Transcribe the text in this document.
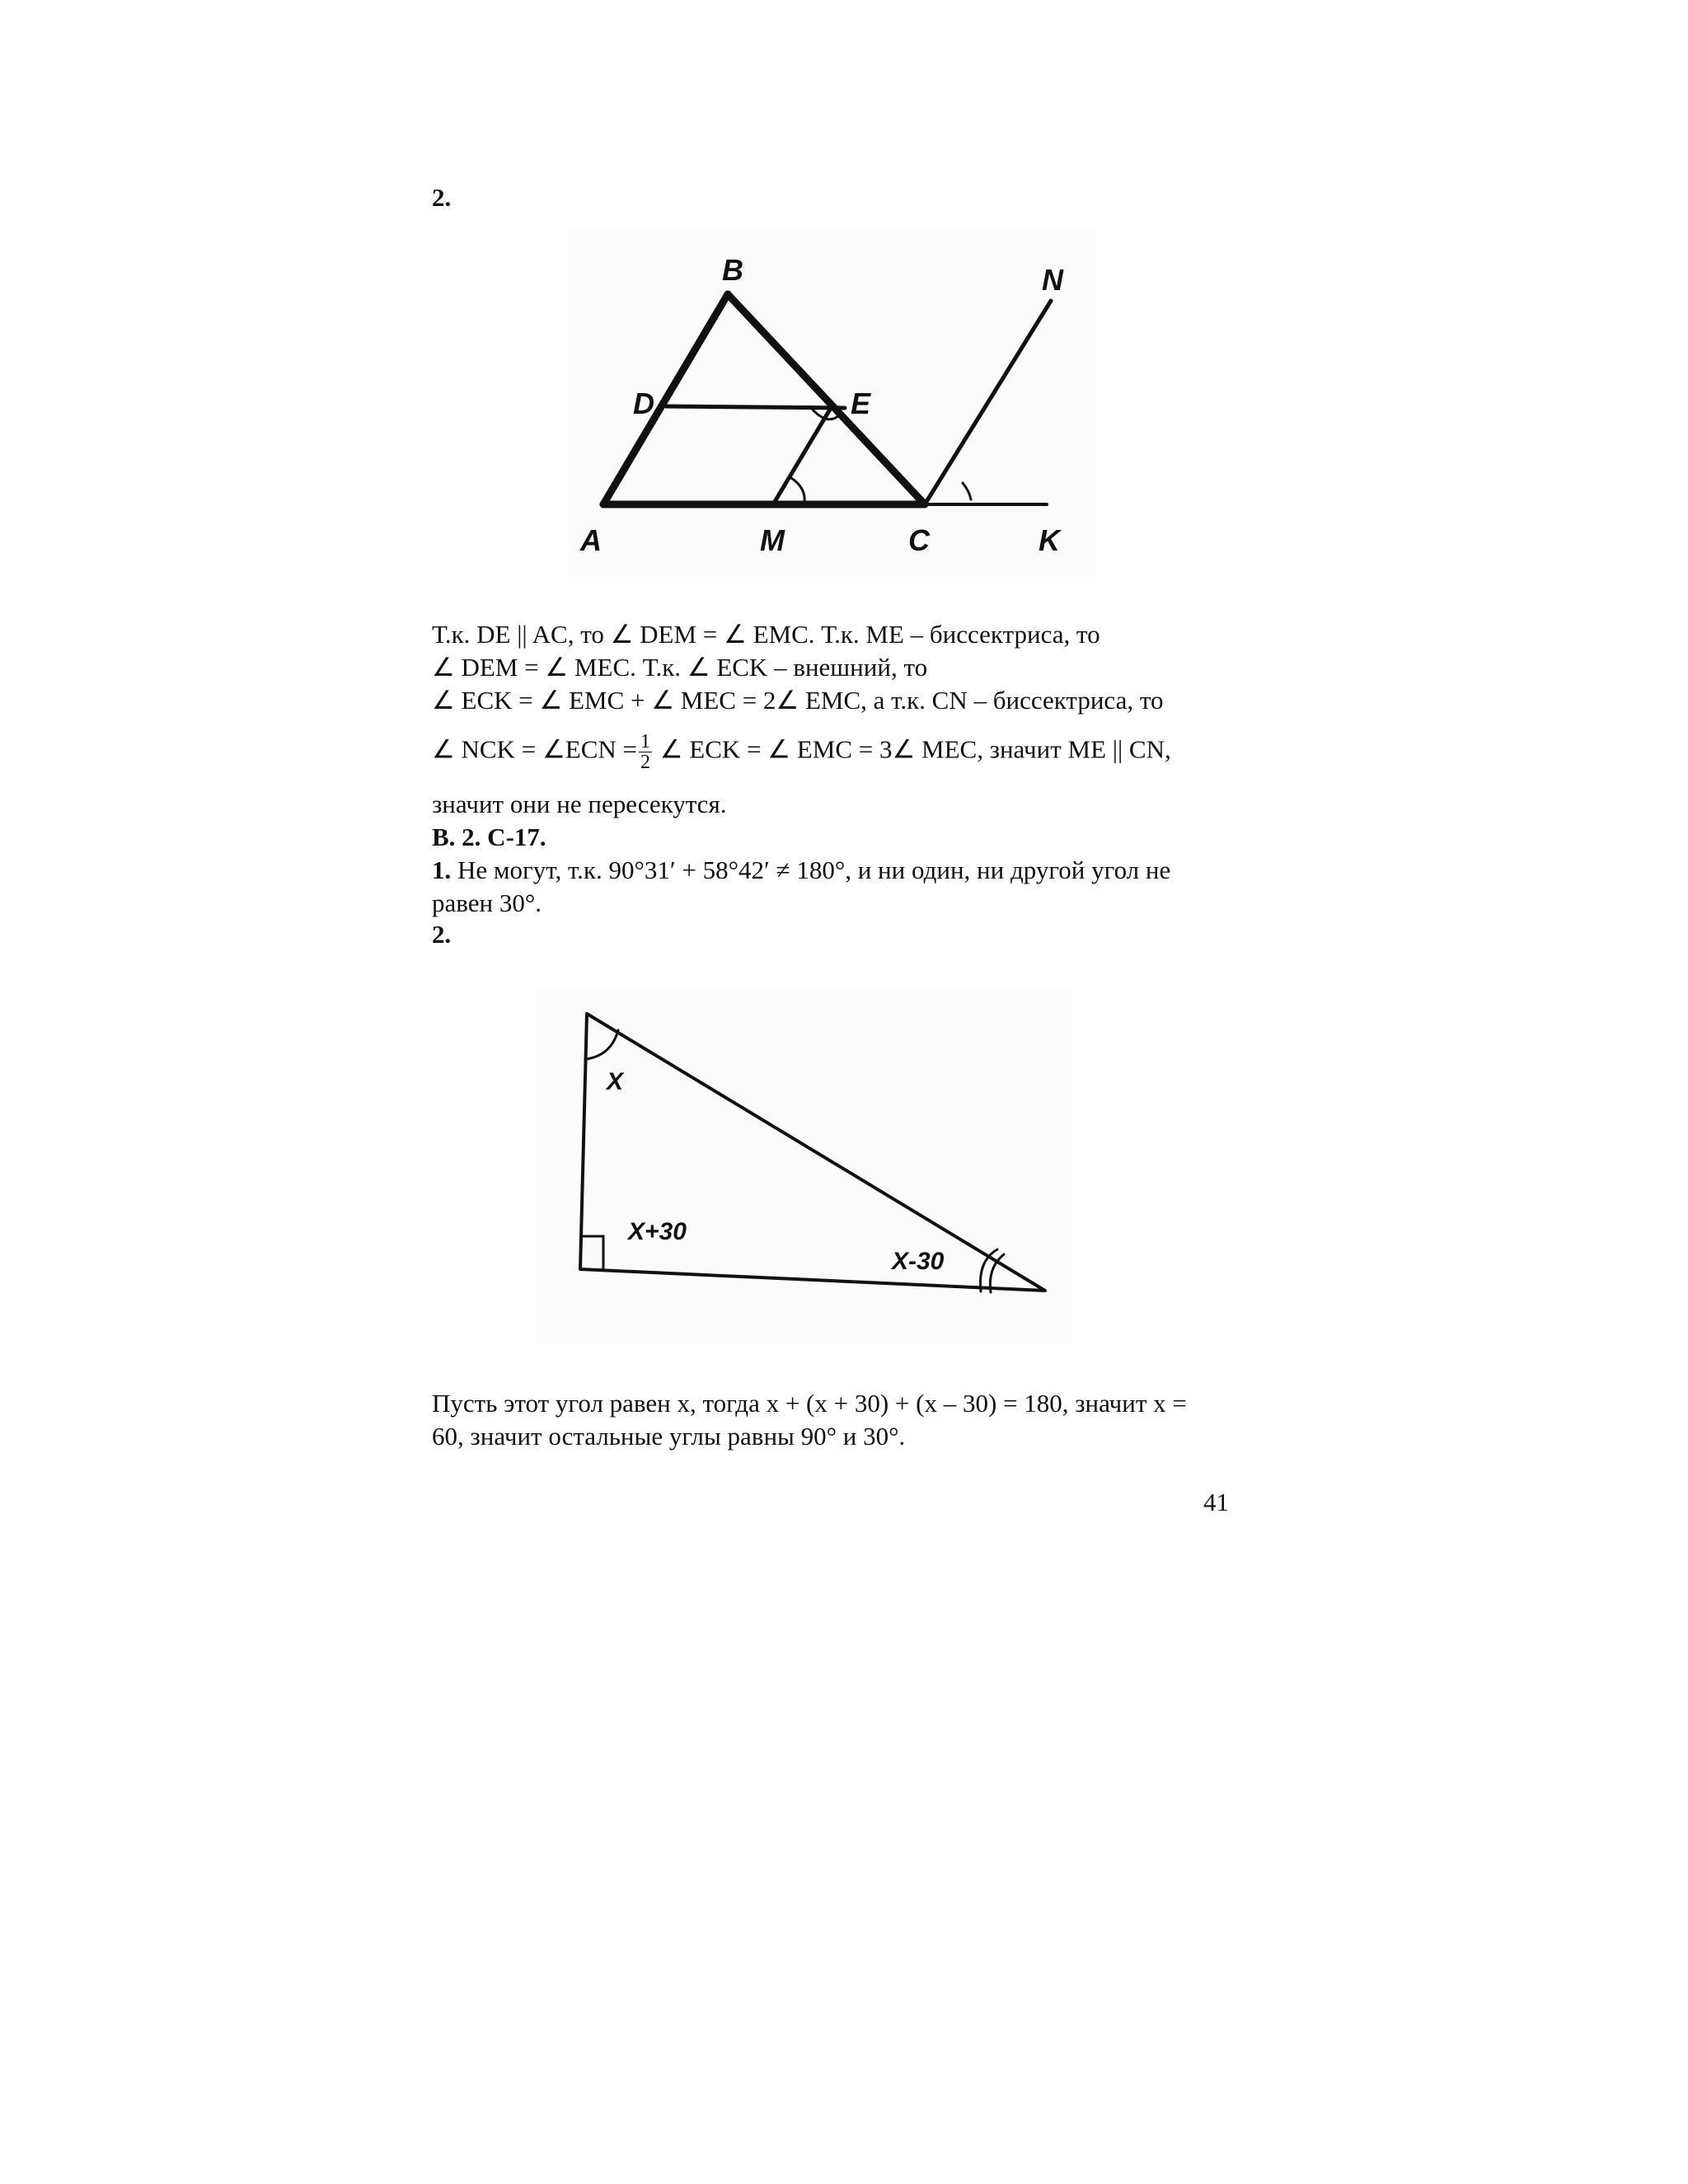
2.
B
D	E
N
A	M	C	K
Т.к. DE || AC, то ∠ DEM = ∠ EMC. Т.к. ME – биссектриса, то
∠ DEM = ∠ MEC. Т.к. ∠ ECK – внешний, то
∠ ECK = ∠ EMC + ∠ MEC = 2∠ EMC, а т.к. CN – биссектриса, то
∠ NCK = ∠ECN = $\frac{1}{2}$ ∠ ECK = ∠ EMC = 3∠ MEC, значит ME || CN,
значит они не пересекутся.
В. 2. С-17.
1. Не могут, т.к. 90°31′ + 58°42′ ≠ 180°, и ни один, ни другой угол не
равен 30°.
2.
X
X+30
X-30
Пусть этот угол равен x, тогда x + (x + 30) + (x – 30) = 180, значит x =
60, значит остальные углы равны 90° и 30°.
41
